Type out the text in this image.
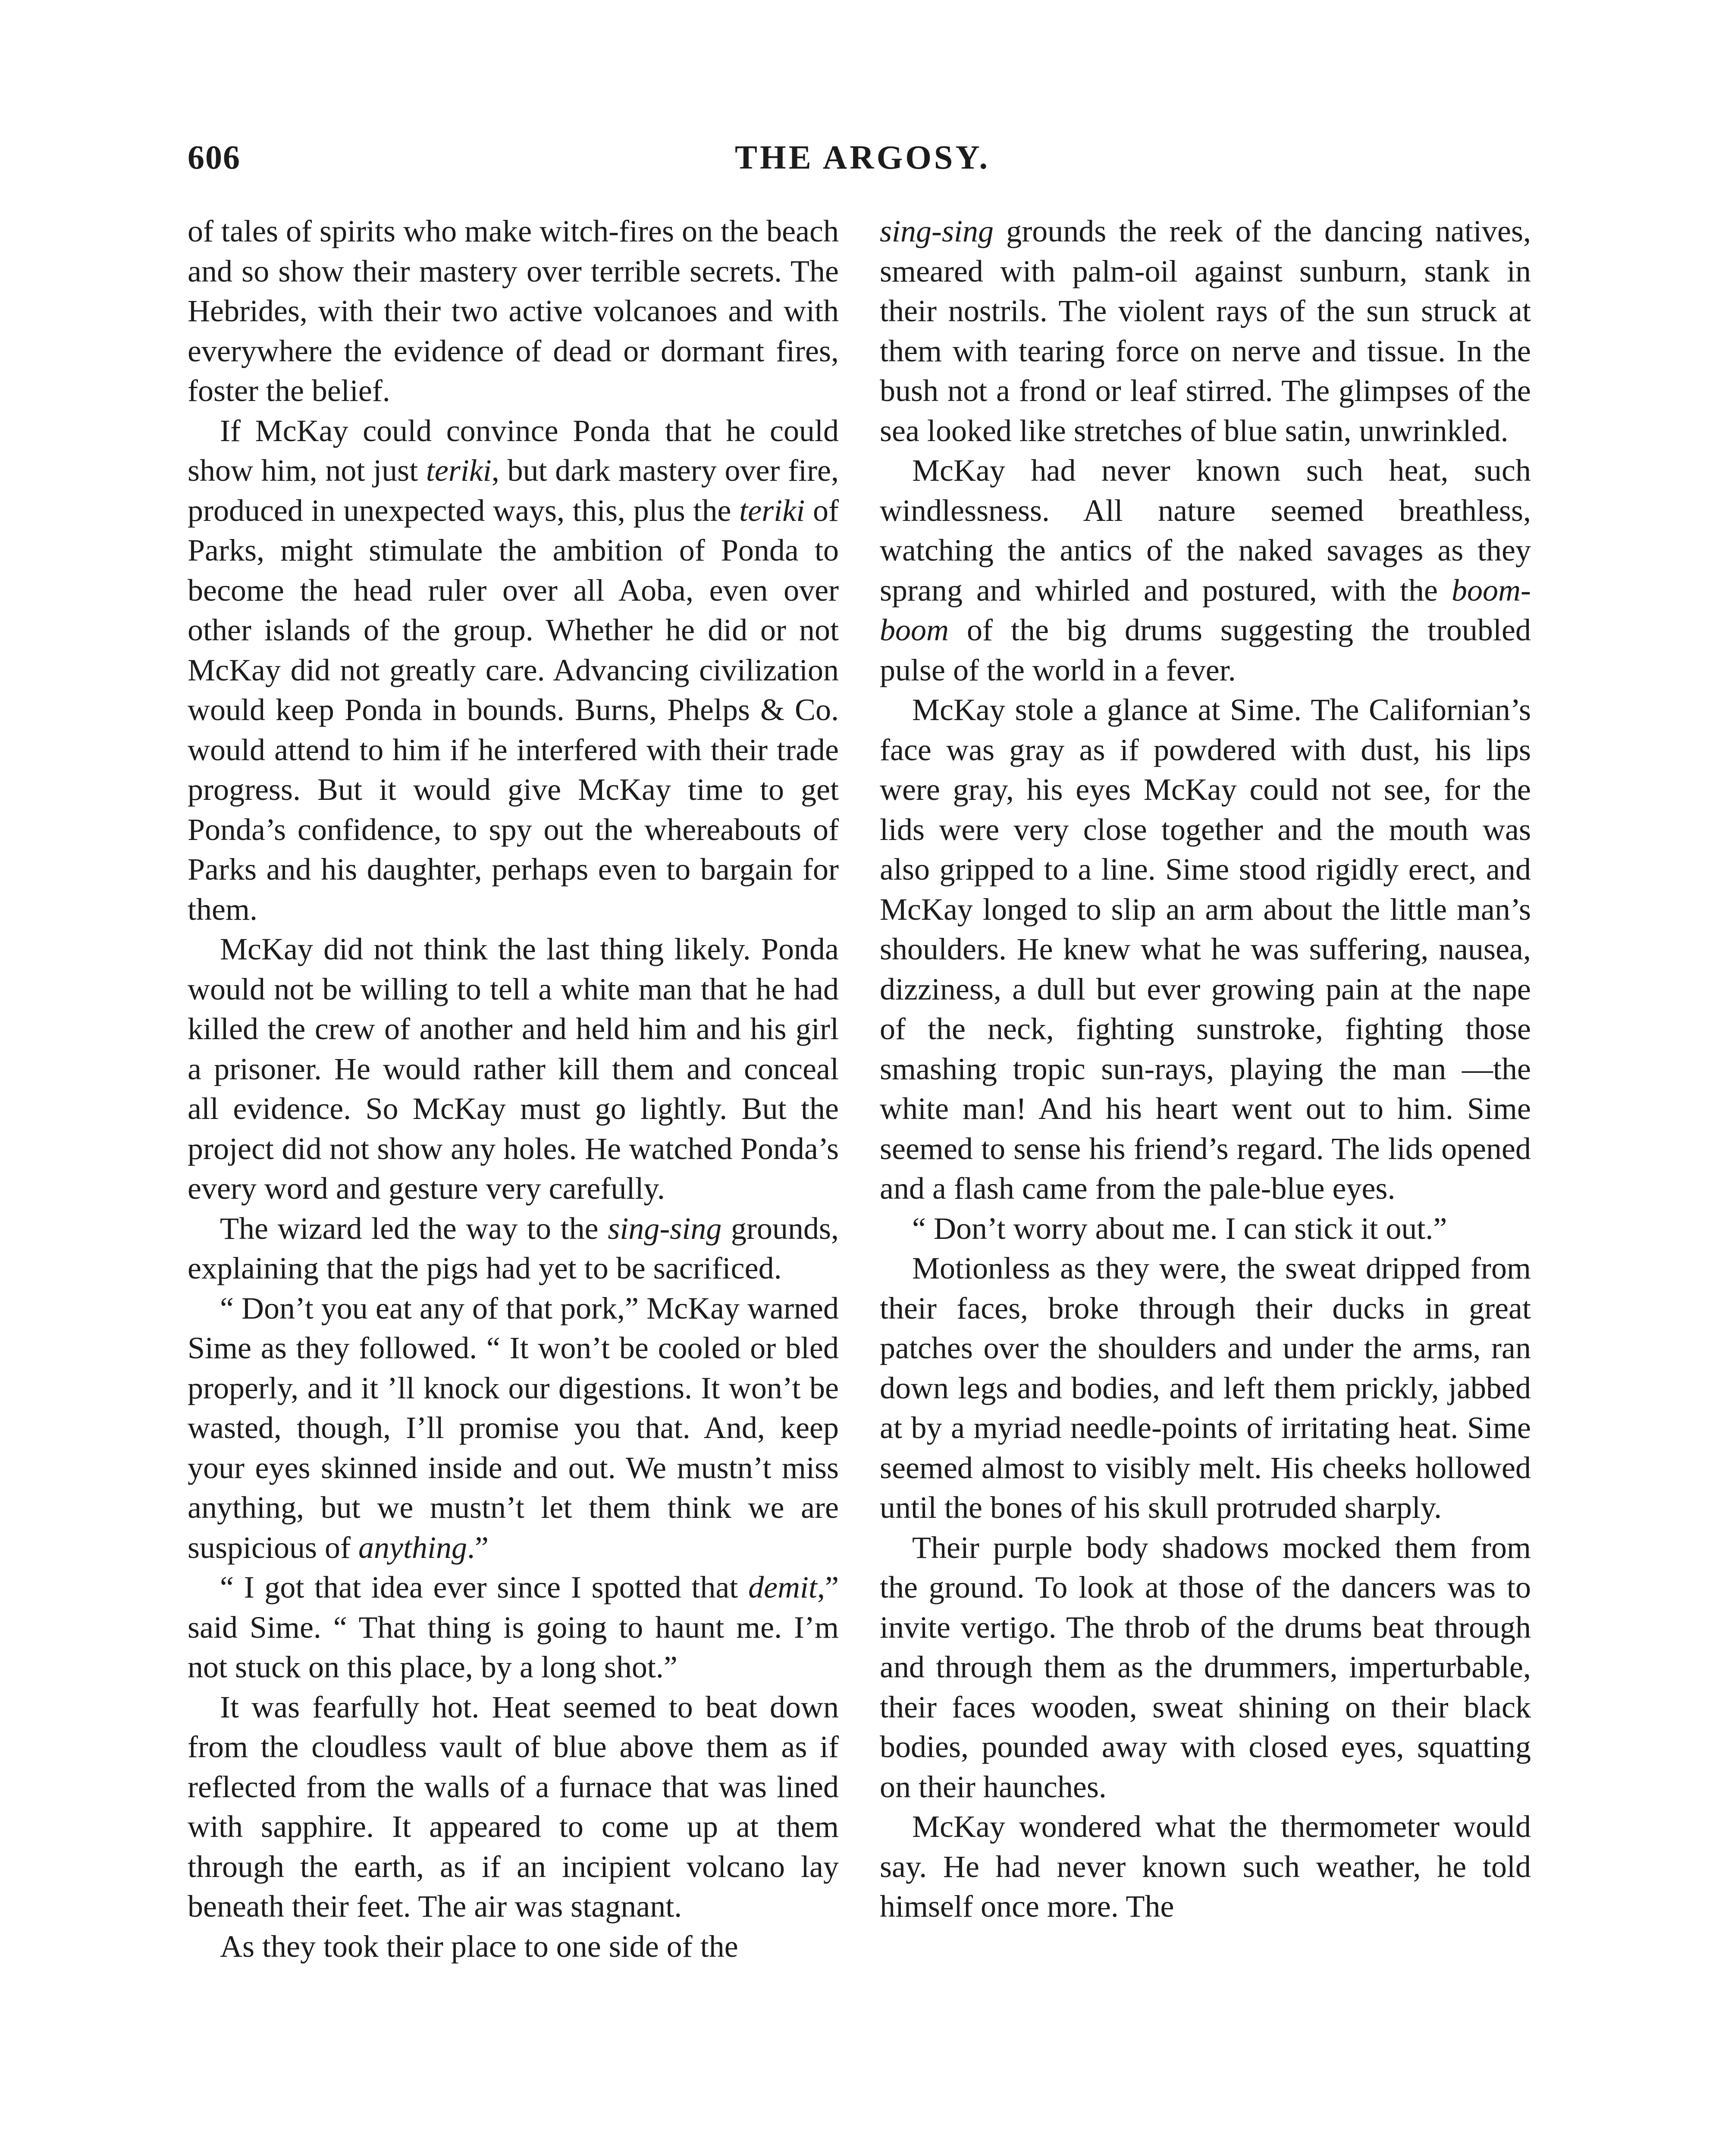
606	THE ARGOSY.

of tales of spirits who make witch-fires on the beach and so show their mastery over terrible secrets. The Hebrides, with their two active volcanoes and with everywhere the evidence of dead or dormant fires, foster the belief.

If McKay could convince Ponda that he could show him, not just teriki, but dark mastery over fire, produced in unexpected ways, this, plus the teriki of Parks, might stimulate the ambition of Ponda to become the head ruler over all Aoba, even over other islands of the group. Whether he did or not McKay did not greatly care. Advancing civilization would keep Ponda in bounds. Burns, Phelps & Co. would attend to him if he interfered with their trade progress. But it would give McKay time to get Ponda’s confidence, to spy out the whereabouts of Parks and his daughter, perhaps even to bargain for them.

McKay did not think the last thing likely. Ponda would not be willing to tell a white man that he had killed the crew of another and held him and his girl a prisoner. He would rather kill them and conceal all evidence. So McKay must go lightly. But the project did not show any holes. He watched Ponda’s every word and gesture very carefully.

The wizard led the way to the sing-sing grounds, explaining that the pigs had yet to be sacrificed.

“ Don’t you eat any of that pork,” McKay warned Sime as they followed. “ It won’t be cooled or bled properly, and it ’ll knock our digestions. It won’t be wasted, though, I’ll promise you that. And, keep your eyes skinned inside and out. We mustn’t miss anything, but we mustn’t let them think we are suspicious of anything.”

“ I got that idea ever since I spotted that demit,” said Sime. “ That thing is going to haunt me. I’m not stuck on this place, by a long shot.”

It was fearfully hot. Heat seemed to beat down from the cloudless vault of blue above them as if reflected from the walls of a furnace that was lined with sapphire. It appeared to come up at them through the earth, as if an incipient volcano lay beneath their feet. The air was stagnant.

As they took their place to one side of the

sing-sing grounds the reek of the dancing natives, smeared with palm-oil against sunburn, stank in their nostrils. The violent rays of the sun struck at them with tearing force on nerve and tissue. In the bush not a frond or leaf stirred. The glimpses of the sea looked like stretches of blue satin, unwrinkled.

McKay had never known such heat, such windlessness. All nature seemed breathless, watching the antics of the naked savages as they sprang and whirled and postured, with the boom-boom of the big drums suggesting the troubled pulse of the world in a fever.

McKay stole a glance at Sime. The Californian’s face was gray as if powdered with dust, his lips were gray, his eyes McKay could not see, for the lids were very close together and the mouth was also gripped to a line. Sime stood rigidly erect, and McKay longed to slip an arm about the little man’s shoulders. He knew what he was suffering, nausea, dizziness, a dull but ever growing pain at the nape of the neck, fighting sunstroke, fighting those smashing tropic sun-rays, playing the man —the white man! And his heart went out to him. Sime seemed to sense his friend’s regard. The lids opened and a flash came from the pale-blue eyes.

“ Don’t worry about me. I can stick it out.”

Motionless as they were, the sweat dripped from their faces, broke through their ducks in great patches over the shoulders and under the arms, ran down legs and bodies, and left them prickly, jabbed at by a myriad needle-points of irritating heat. Sime seemed almost to visibly melt. His cheeks hollowed until the bones of his skull protruded sharply.

Their purple body shadows mocked them from the ground. To look at those of the dancers was to invite vertigo. The throb of the drums beat through and through them as the drummers, imperturbable, their faces wooden, sweat shining on their black bodies, pounded away with closed eyes, squatting on their haunches.

McKay wondered what the thermometer would say. He had never known such weather, he told himself once more. The
